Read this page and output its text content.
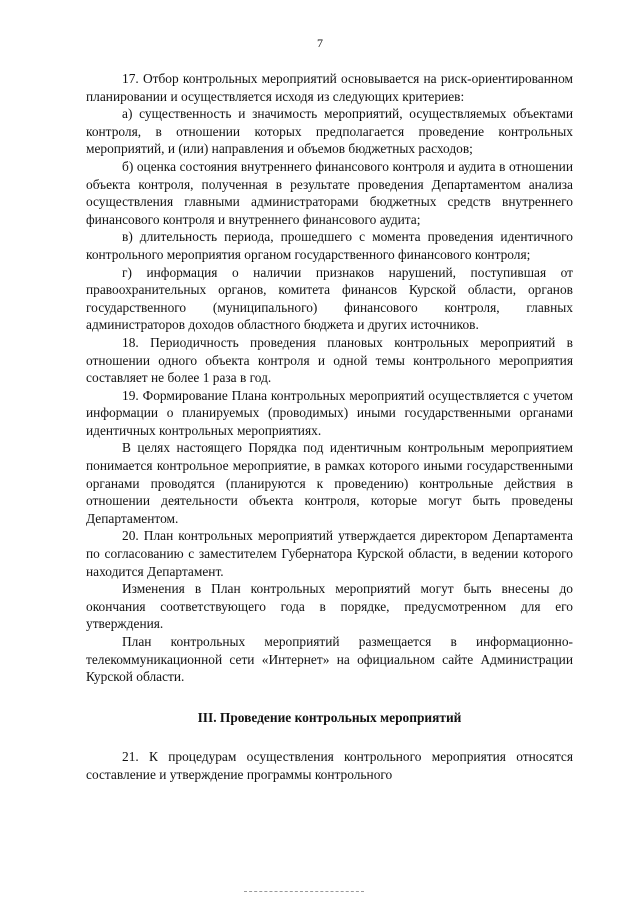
7

17. Отбор контрольных мероприятий основывается на риск-ориентированном планировании и осуществляется исходя из следующих критериев:

а) существенность и значимость мероприятий, осуществляемых объектами контроля, в отношении которых предполагается проведение контрольных мероприятий, и (или) направления и объемов бюджетных расходов;

б) оценка состояния внутреннего финансового контроля и аудита в отношении объекта контроля, полученная в результате проведения Департаментом анализа осуществления главными администраторами бюджетных средств внутреннего финансового контроля и внутреннего финансового аудита;

в) длительность периода, прошедшего с момента проведения идентичного контрольного мероприятия органом государственного финансового контроля;

г) информация о наличии признаков нарушений, поступившая от правоохранительных органов, комитета финансов Курской области, органов государственного (муниципального) финансового контроля, главных администраторов доходов областного бюджета и других источников.

18. Периодичность проведения плановых контрольных мероприятий в отношении одного объекта контроля и одной темы контрольного мероприятия составляет не более 1 раза в год.

19. Формирование Плана контрольных мероприятий осуществляется с учетом информации о планируемых (проводимых) иными государственными органами идентичных контрольных мероприятиях.

В целях настоящего Порядка под идентичным контрольным мероприятием понимается контрольное мероприятие, в рамках которого иными государственными органами проводятся (планируются к проведению) контрольные действия в отношении деятельности объекта контроля, которые могут быть проведены Департаментом.

20. План контрольных мероприятий утверждается директором Департамента по согласованию с заместителем Губернатора Курской области, в ведении которого находится Департамент.

Изменения в План контрольных мероприятий могут быть внесены до окончания соответствующего года в порядке, предусмотренном для его утверждения.

План контрольных мероприятий размещается в информационно-телекоммуникационной сети «Интернет» на официальном сайте Администрации Курской области.

III. Проведение контрольных мероприятий

21. К процедурам осуществления контрольного мероприятия относятся составление и утверждение программы контрольного
